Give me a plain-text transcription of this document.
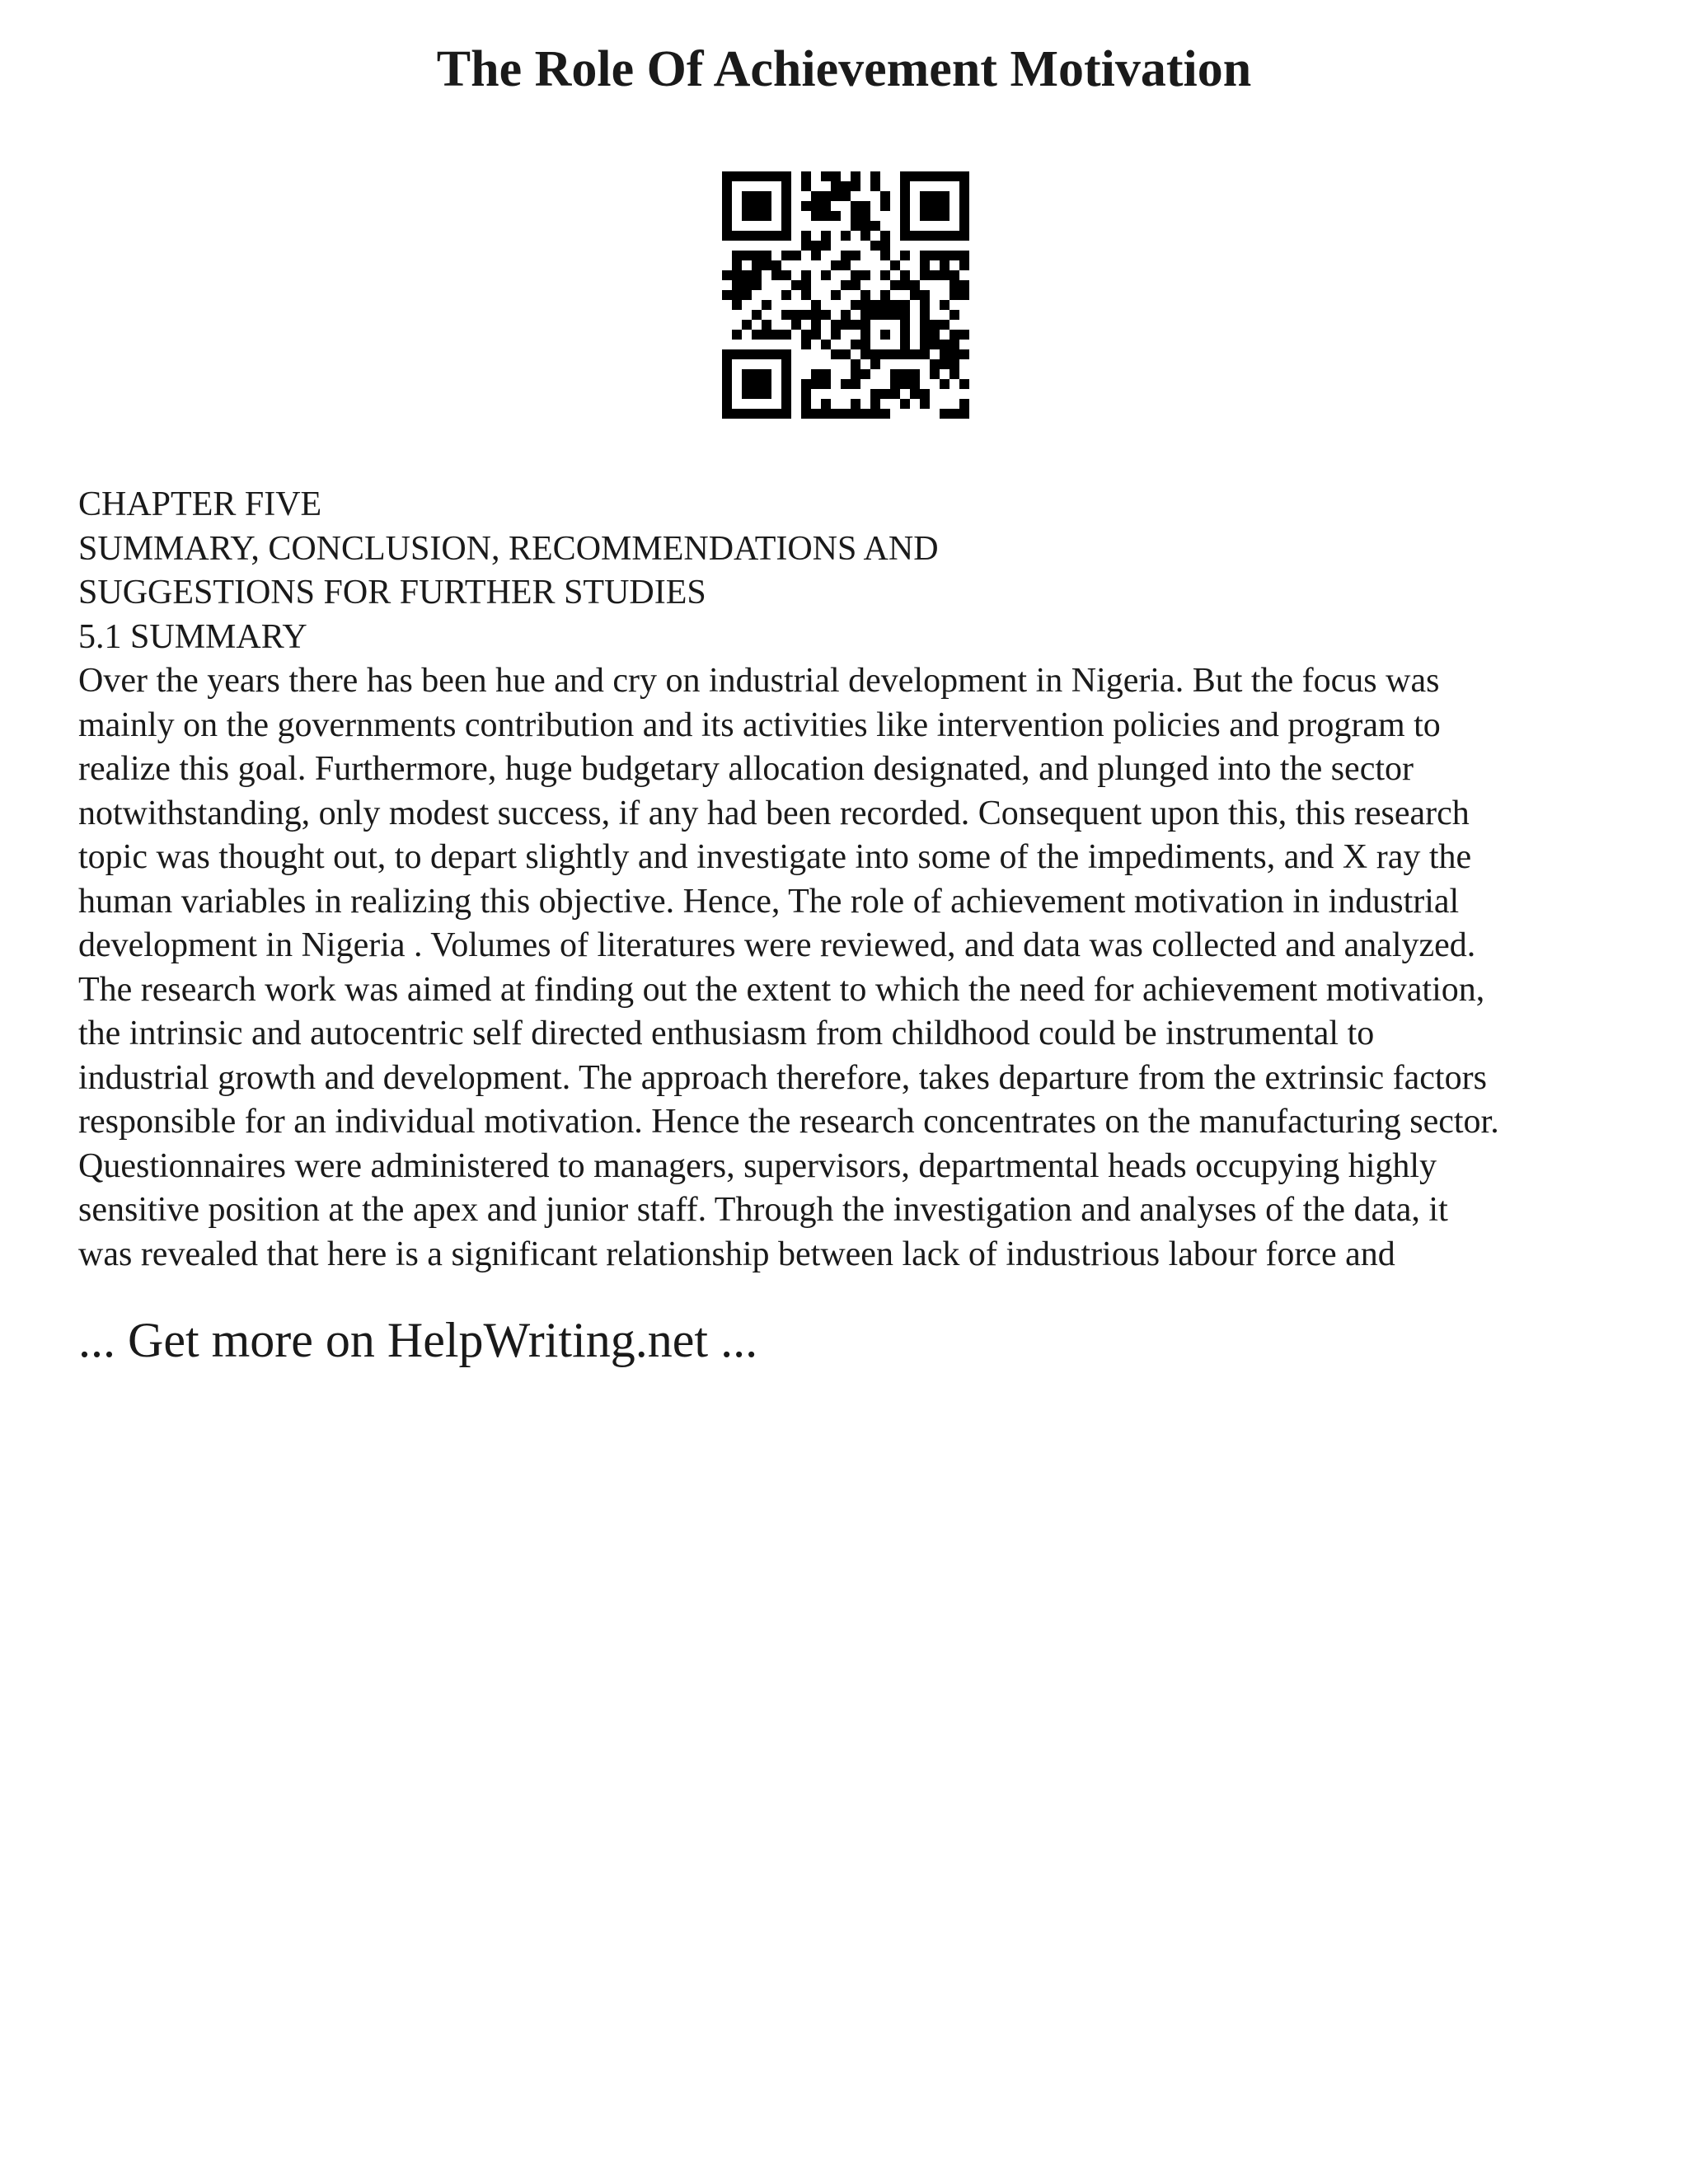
The Role Of Achievement Motivation

CHAPTER FIVE

SUMMARY, CONCLUSION, RECOMMENDATIONS AND

SUGGESTIONS FOR FURTHER STUDIES

5.1 SUMMARY

Over the years there has been hue and cry on industrial development in Nigeria. But the focus was

mainly on the governments contribution and its activities like intervention policies and program to

realize this goal. Furthermore, huge budgetary allocation designated, and plunged into the sector

notwithstanding, only modest success, if any had been recorded. Consequent upon this, this research

topic was thought out, to depart slightly and investigate into some of the impediments, and X ray the

human variables in realizing this objective. Hence, The role of achievement motivation in industrial

development in Nigeria . Volumes of literatures were reviewed, and data was collected and analyzed.

The research work was aimed at finding out the extent to which the need for achievement motivation,

the intrinsic and autocentric self directed enthusiasm from childhood could be instrumental to

industrial growth and development. The approach therefore, takes departure from the extrinsic factors

responsible for an individual motivation. Hence the research concentrates on the manufacturing sector.

Questionnaires were administered to managers, supervisors, departmental heads occupying highly

sensitive position at the apex and junior staff. Through the investigation and analyses of the data, it

was revealed that here is a significant relationship between lack of industrious labour force and

... Get more on HelpWriting.net ...
